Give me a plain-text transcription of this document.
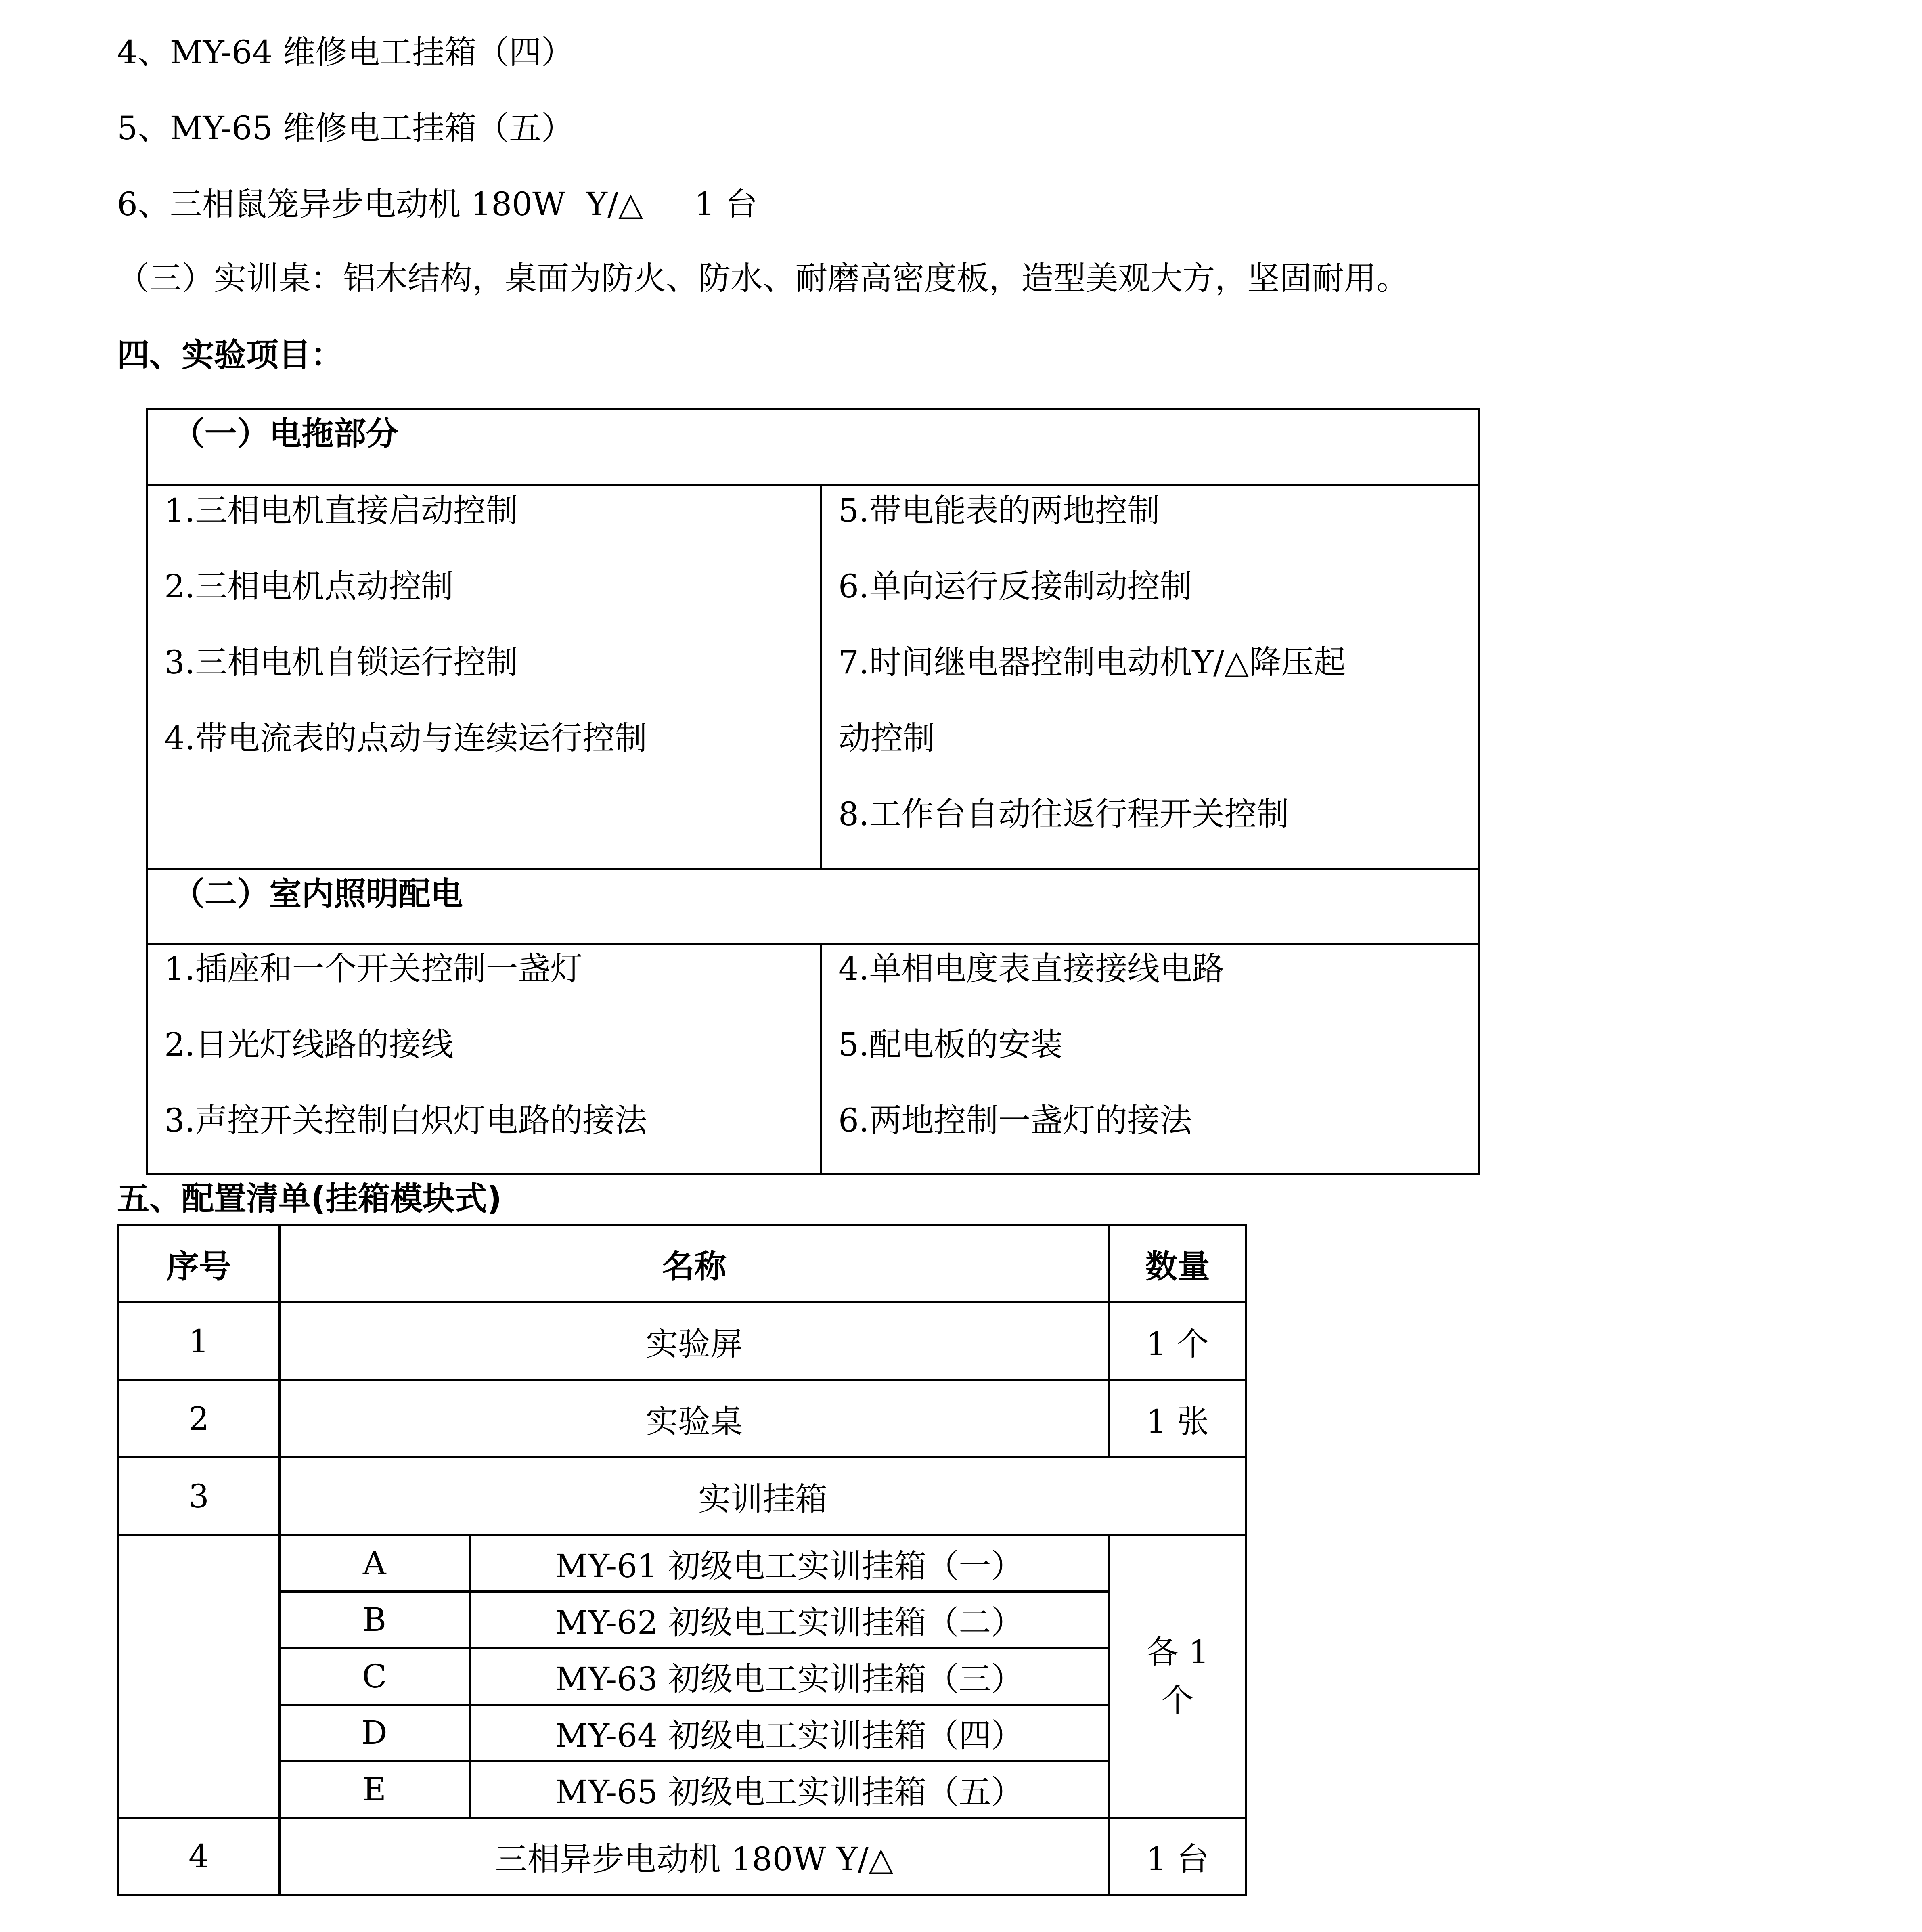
4、MY-64 维修电工挂箱（四）
5、MY-65 维修电工挂箱（五）
6、三相鼠笼异步电动机 180W  Y/△     1 台
（三）实训桌：铝木结构，桌面为防火、防水、耐磨高密度板，造型美观大方，坚固耐用。
四、实验项目：
（一）电拖部分
1.三相电机直接启动控制
2.三相电机点动控制
3.三相电机自锁运行控制
4.带电流表的点动与连续运行控制
5.带电能表的两地控制
6.单向运行反接制动控制
7.时间继电器控制电动机Y/△降压起
动控制
8.工作台自动往返行程开关控制
（二）室内照明配电
1.插座和一个开关控制一盏灯
2.日光灯线路的接线
3.声控开关控制白炽灯电路的接法
4.单相电度表直接接线电路
5.配电板的安装
6.两地控制一盏灯的接法
五、配置清单(挂箱模块式)
序号	名称	数量
1	实验屏	1 个
2	实验桌	1 张
3	实训挂箱

A	MY-61 初级电工实训挂箱（一）
B	MY-62 初级电工实训挂箱（二）
C	MY-63 初级电工实训挂箱（三）
D	MY-64 初级电工实训挂箱（四）
E	MY-65 初级电工实训挂箱（五）

各 1
个

4	三相异步电动机 180W Y/△	1 台
